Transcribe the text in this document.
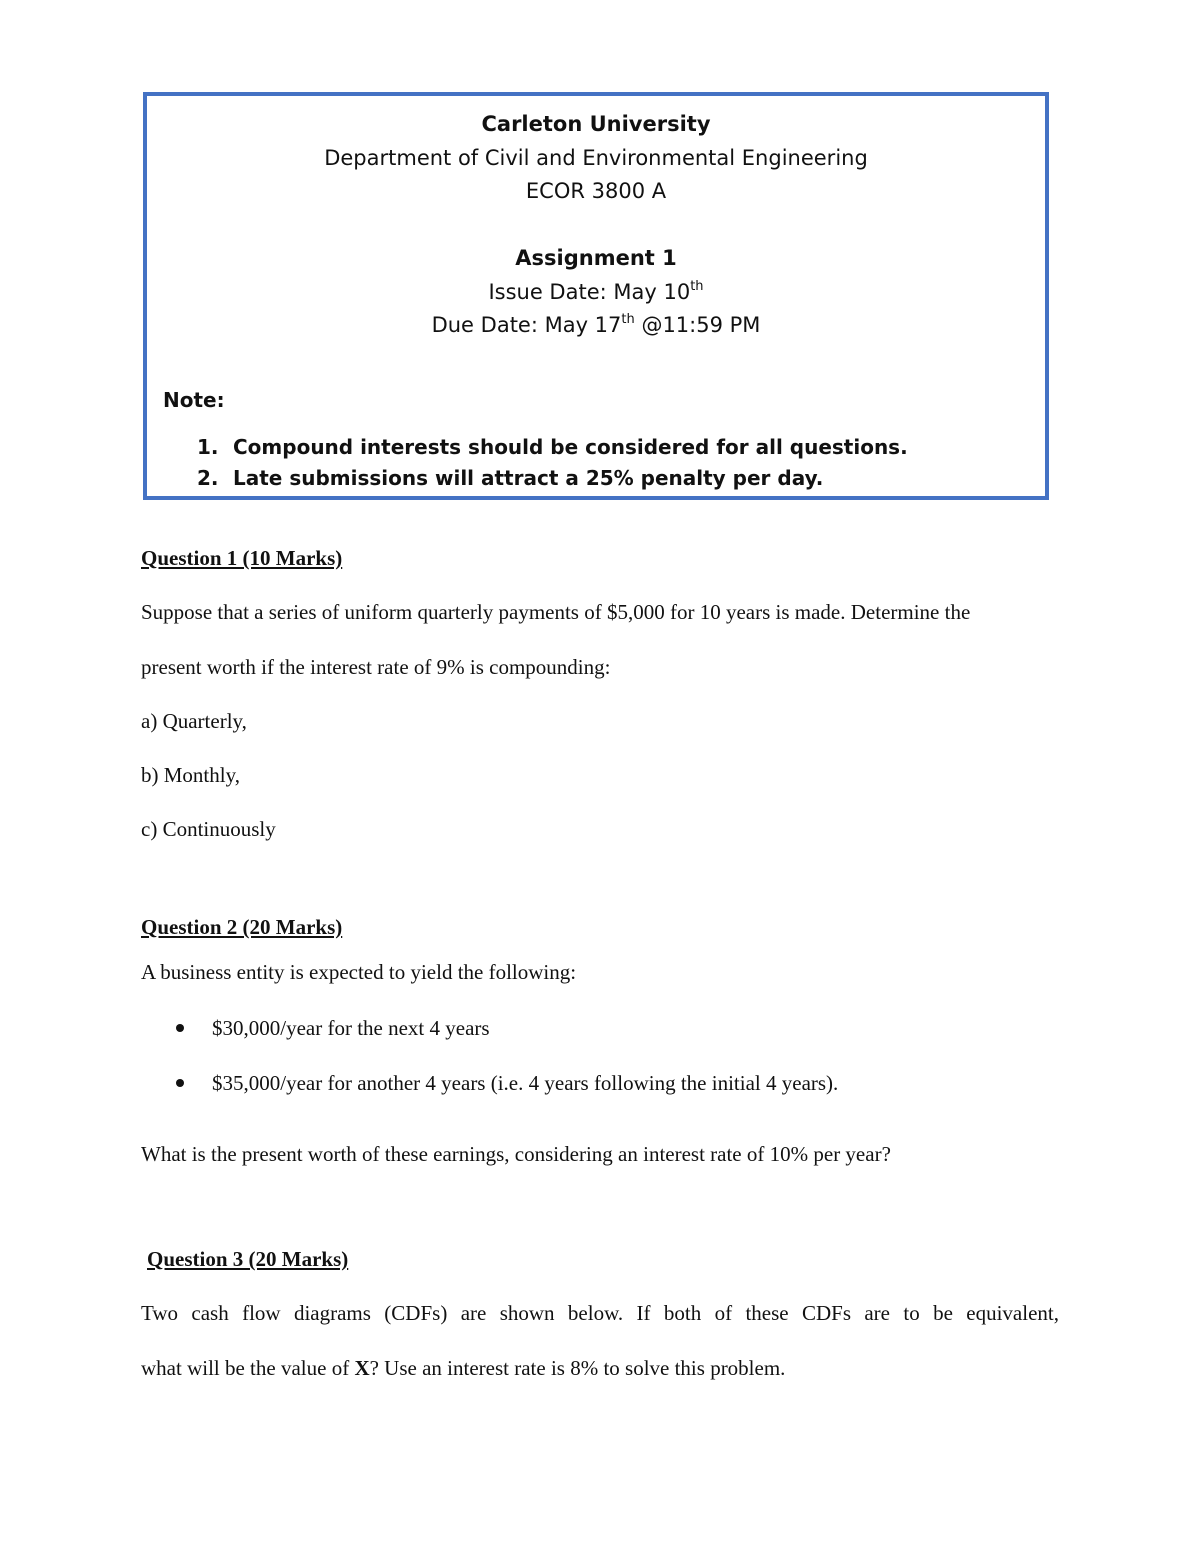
Carleton University
Department of Civil and Environmental Engineering
ECOR 3800 A
Assignment 1
Issue Date: May 10th
Due Date: May 17th @11:59 PM
Note:
1. Compound interests should be considered for all questions.
2. Late submissions will attract a 25% penalty per day.
Question 1 (10 Marks)
Suppose that a series of uniform quarterly payments of $5,000 for 10 years is made. Determine the
present worth if the interest rate of 9% is compounding:
a) Quarterly,
b) Monthly,
c) Continuously
Question 2 (20 Marks)
A business entity is expected to yield the following:
$30,000/year for the next 4 years
$35,000/year for another 4 years (i.e. 4 years following the initial 4 years).
What is the present worth of these earnings, considering an interest rate of 10% per year?
Question 3 (20 Marks)
Two cash flow diagrams (CDFs) are shown below. If both of these CDFs are to be equivalent,
what will be the value of X? Use an interest rate is 8% to solve this problem.
